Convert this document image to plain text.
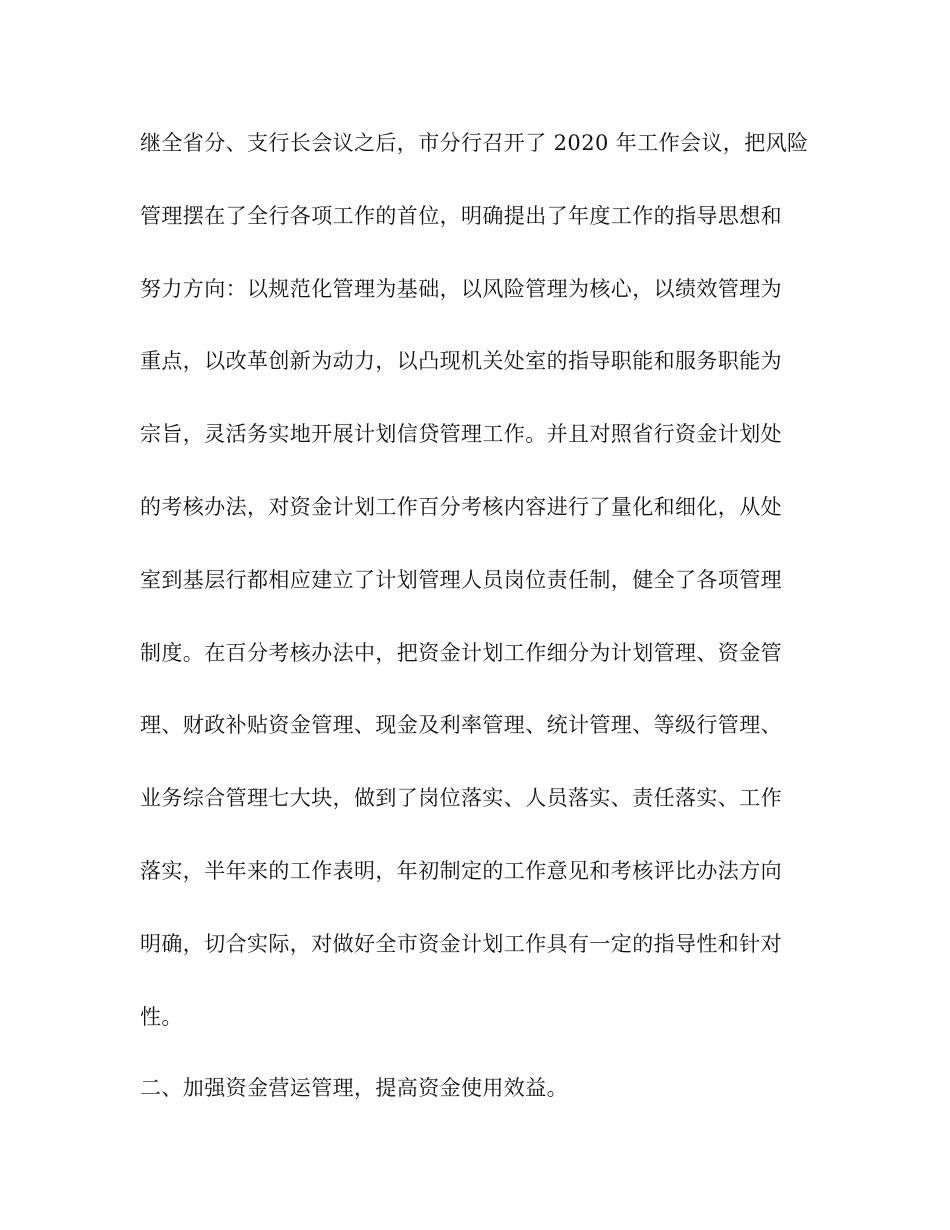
继全省分、支行长会议之后，市分行召开了 2020 年工作会议，把风险
管理摆在了全行各项工作的首位，明确提出了年度工作的指导思想和
努力方向：以规范化管理为基础，以风险管理为核心，以绩效管理为
重点，以改革创新为动力，以凸现机关处室的指导职能和服务职能为
宗旨，灵活务实地开展计划信贷管理工作。并且对照省行资金计划处
的考核办法，对资金计划工作百分考核内容进行了量化和细化，从处
室到基层行都相应建立了计划管理人员岗位责任制，健全了各项管理
制度。在百分考核办法中，把资金计划工作细分为计划管理、资金管
理、财政补贴资金管理、现金及利率管理、统计管理、等级行管理、
业务综合管理七大块，做到了岗位落实、人员落实、责任落实、工作
落实，半年来的工作表明，年初制定的工作意见和考核评比办法方向
明确，切合实际，对做好全市资金计划工作具有一定的指导性和针对
性。

二、加强资金营运管理，提高资金使用效益。
